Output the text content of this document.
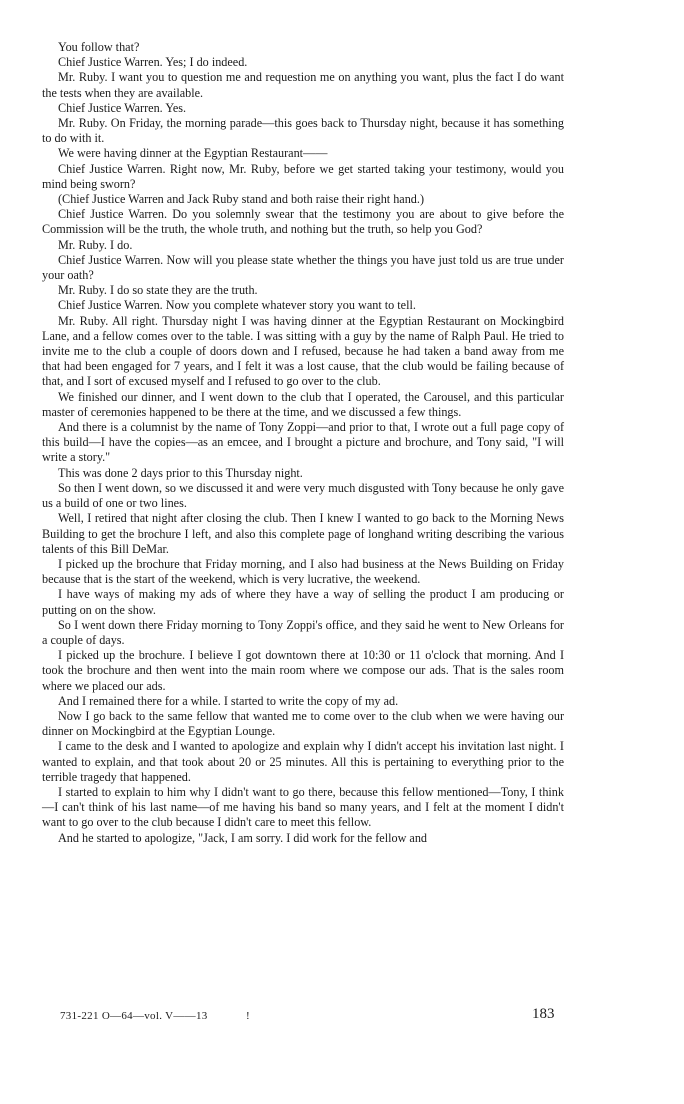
You follow that?

Chief Justice Warren. Yes; I do indeed.

Mr. Ruby. I want you to question me and requestion me on anything you want, plus the fact I do want the tests when they are available.

Chief Justice Warren. Yes.

Mr. Ruby. On Friday, the morning parade—this goes back to Thursday night, because it has something to do with it.

We were having dinner at the Egyptian Restaurant——

Chief Justice Warren. Right now, Mr. Ruby, before we get started taking your testimony, would you mind being sworn?

(Chief Justice Warren and Jack Ruby stand and both raise their right hand.)

Chief Justice Warren. Do you solemnly swear that the testimony you are about to give before the Commission will be the truth, the whole truth, and nothing but the truth, so help you God?

Mr. Ruby. I do.

Chief Justice Warren. Now will you please state whether the things you have just told us are true under your oath?

Mr. Ruby. I do so state they are the truth.

Chief Justice Warren. Now you complete whatever story you want to tell.

Mr. Ruby. All right. Thursday night I was having dinner at the Egyptian Restaurant on Mockingbird Lane, and a fellow comes over to the table. I was sitting with a guy by the name of Ralph Paul. He tried to invite me to the club a couple of doors down and I refused, because he had taken a band away from me that had been engaged for 7 years, and I felt it was a lost cause, that the club would be failing because of that, and I sort of excused myself and I refused to go over to the club.

We finished our dinner, and I went down to the club that I operated, the Carousel, and this particular master of ceremonies happened to be there at the time, and we discussed a few things.

And there is a columnist by the name of Tony Zoppi—and prior to that, I wrote out a full page copy of this build—I have the copies—as an emcee, and I brought a picture and brochure, and Tony said, "I will write a story."

This was done 2 days prior to this Thursday night.

So then I went down, so we discussed it and were very much disgusted with Tony because he only gave us a build of one or two lines.

Well, I retired that night after closing the club. Then I knew I wanted to go back to the Morning News Building to get the brochure I left, and also this complete page of longhand writing describing the various talents of this Bill DeMar.

I picked up the brochure that Friday morning, and I also had business at the News Building on Friday because that is the start of the weekend, which is very lucrative, the weekend.

I have ways of making my ads of where they have a way of selling the product I am producing or putting on on the show.

So I went down there Friday morning to Tony Zoppi's office, and they said he went to New Orleans for a couple of days.

I picked up the brochure. I believe I got downtown there at 10:30 or 11 o'clock that morning. And I took the brochure and then went into the main room where we compose our ads. That is the sales room where we placed our ads.

And I remained there for a while. I started to write the copy of my ad.

Now I go back to the same fellow that wanted me to come over to the club when we were having our dinner on Mockingbird at the Egyptian Lounge.

I came to the desk and I wanted to apologize and explain why I didn't accept his invitation last night. I wanted to explain, and that took about 20 or 25 minutes. All this is pertaining to everything prior to the terrible tragedy that happened.

I started to explain to him why I didn't want to go there, because this fellow mentioned—Tony, I think—I can't think of his last name—of me having his band so many years, and I felt at the moment I didn't want to go over to the club because I didn't care to meet this fellow.

And he started to apologize, "Jack, I am sorry. I did work for the fellow and

731-221 O—64—vol. V——13	!	183
